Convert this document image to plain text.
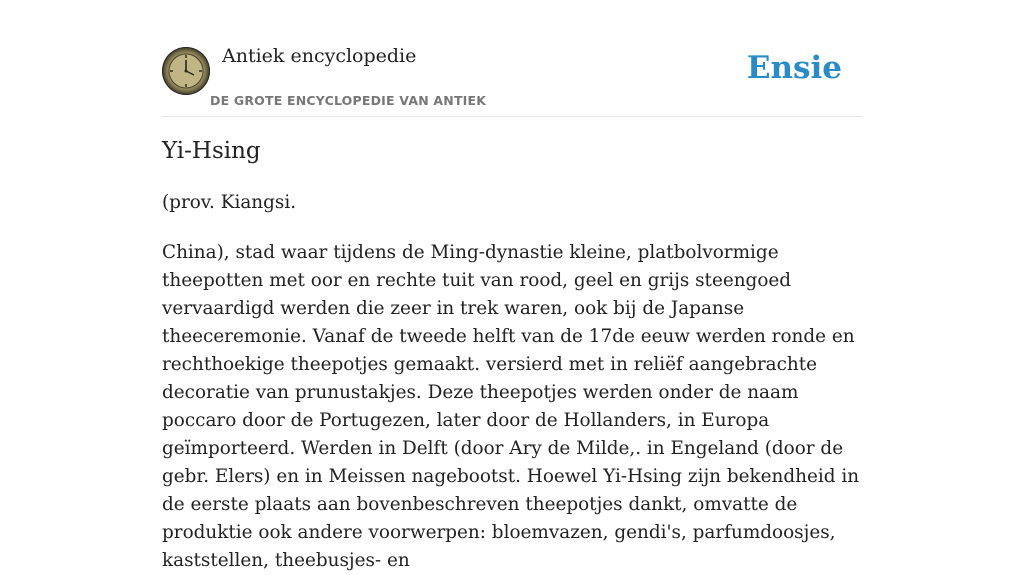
Antiek encyclopedie
DE GROTE ENCYCLOPEDIE VAN ANTIEK
Ensie
Yi-Hsing

(prov. Kiangsi.

China), stad waar tijdens de Ming-dynastie kleine, platbolvormige theepotten met oor en rechte tuit van rood, geel en grijs steengoed vervaardigd werden die zeer in trek waren, ook bij de Japanse theeceremonie. Vanaf de tweede helft van de 17de eeuw werden ronde en rechthoekige theepotjes gemaakt. versierd met in reliëf aangebrachte decoratie van prunustakjes. Deze theepotjes werden onder de naam poccaro door de Portugezen, later door de Hollanders, in Europa geïmporteerd. Werden in Delft (door Ary de Milde,. in Engeland (door de gebr. Elers) en in Meissen nagebootst. Hoewel Yi-Hsing zijn bekendheid in de eerste plaats aan bovenbeschreven theepotjes dankt, omvatte de produktie ook andere voorwerpen: bloemvazen, gendi's, parfumdoosjes, kaststellen, theebusjes- en
